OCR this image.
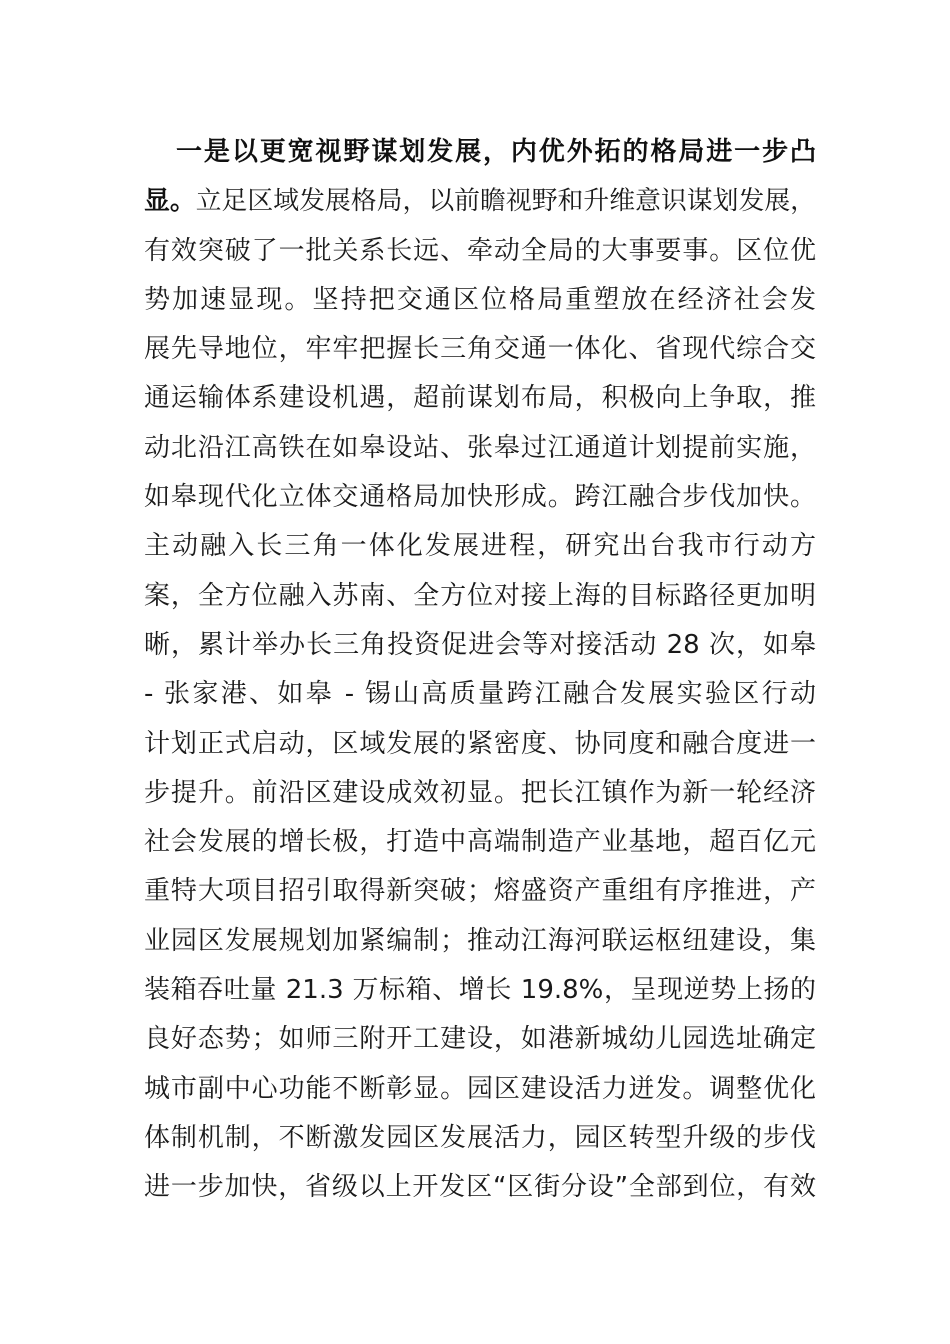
一是以更宽视野谋划发展，内优外拓的格局进一步凸
显。立足区域发展格局，以前瞻视野和升维意识谋划发展，
有效突破了一批关系长远、牵动全局的大事要事。区位优
势加速显现。坚持把交通区位格局重塑放在经济社会发
展先导地位，牢牢把握长三角交通一体化、省现代综合交
通运输体系建设机遇，超前谋划布局，积极向上争取，推
动北沿江高铁在如皋设站、张皋过江通道计划提前实施，
如皋现代化立体交通格局加快形成。跨江融合步伐加快。
主动融入长三角一体化发展进程，研究出台我市行动方
案，全方位融入苏南、全方位对接上海的目标路径更加明
晰，累计举办长三角投资促进会等对接活动 28 次，如皋
- 张家港、如皋 - 锡山高质量跨江融合发展实验区行动
计划正式启动，区域发展的紧密度、协同度和融合度进一
步提升。前沿区建设成效初显。把长江镇作为新一轮经济
社会发展的增长极，打造中高端制造产业基地，超百亿元
重特大项目招引取得新突破；熔盛资产重组有序推进，产
业园区发展规划加紧编制；推动江海河联运枢纽建设，集
装箱吞吐量 21.3 万标箱、增长 19.8%，呈现逆势上扬的
良好态势；如师三附开工建设，如港新城幼儿园选址确定
城市副中心功能不断彰显。园区建设活力迸发。调整优化
体制机制，不断激发园区发展活力，园区转型升级的步伐
进一步加快，省级以上开发区“区街分设”全部到位，有效
